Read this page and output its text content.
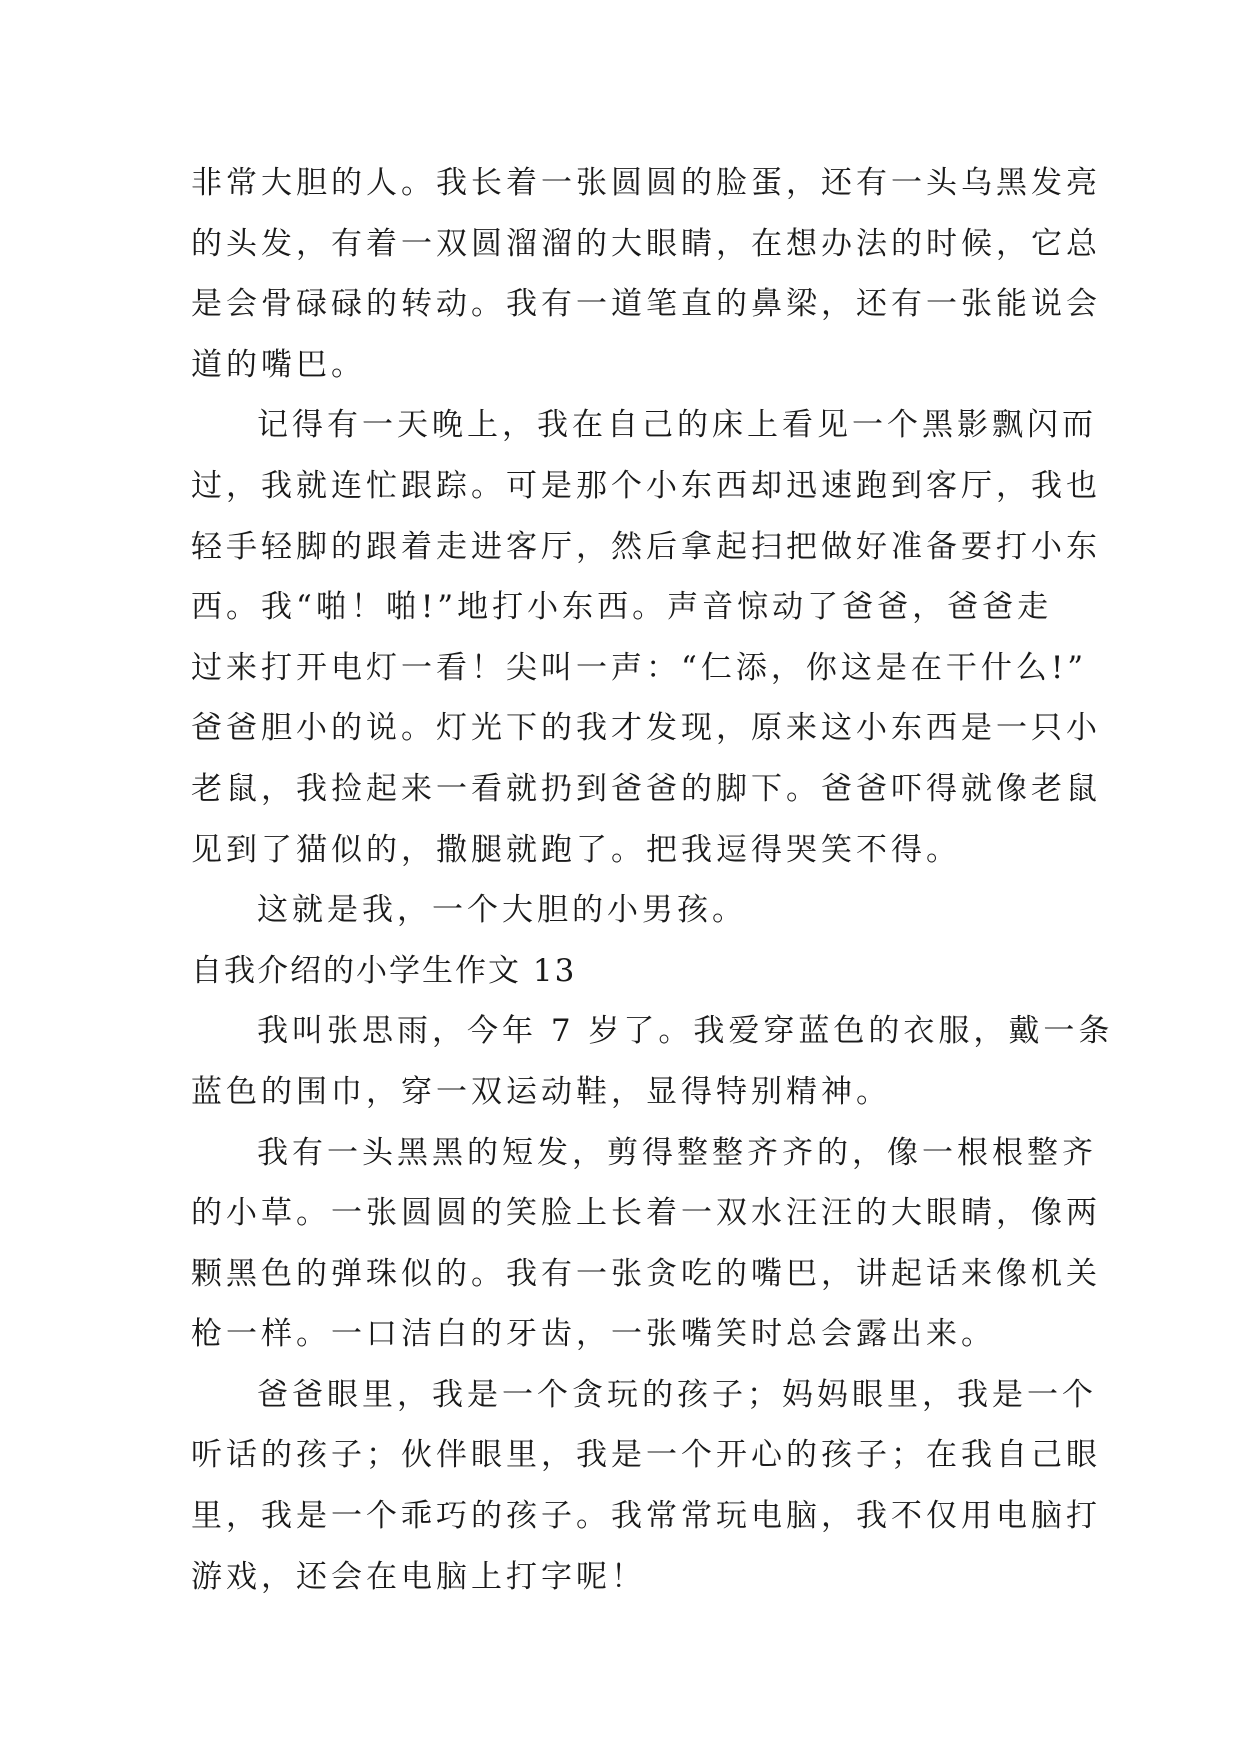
非常大胆的人。我长着一张圆圆的脸蛋，还有一头乌黑发亮
的头发，有着一双圆溜溜的大眼睛，在想办法的时候，它总
是会骨碌碌的转动。我有一道笔直的鼻梁，还有一张能说会
道的嘴巴。
记得有一天晚上，我在自己的床上看见一个黑影飘闪而
过，我就连忙跟踪。可是那个小东西却迅速跑到客厅，我也
轻手轻脚的跟着走进客厅，然后拿起扫把做好准备要打小东
西。我“啪！啪!”地打小东西。声音惊动了爸爸，爸爸走
过来打开电灯一看！尖叫一声：“仁添，你这是在干什么!”
爸爸胆小的说。灯光下的我才发现，原来这小东西是一只小
老鼠，我捡起来一看就扔到爸爸的脚下。爸爸吓得就像老鼠
见到了猫似的，撒腿就跑了。把我逗得哭笑不得。
这就是我，一个大胆的小男孩。
自我介绍的小学生作文 13
我叫张思雨，今年 7 岁了。我爱穿蓝色的衣服，戴一条
蓝色的围巾，穿一双运动鞋，显得特别精神。
我有一头黑黑的短发，剪得整整齐齐的，像一根根整齐
的小草。一张圆圆的笑脸上长着一双水汪汪的大眼睛，像两
颗黑色的弹珠似的。我有一张贪吃的嘴巴，讲起话来像机关
枪一样。一口洁白的牙齿，一张嘴笑时总会露出来。
爸爸眼里，我是一个贪玩的孩子；妈妈眼里，我是一个
听话的孩子；伙伴眼里，我是一个开心的孩子；在我自己眼
里，我是一个乖巧的孩子。我常常玩电脑，我不仅用电脑打
游戏，还会在电脑上打字呢！
